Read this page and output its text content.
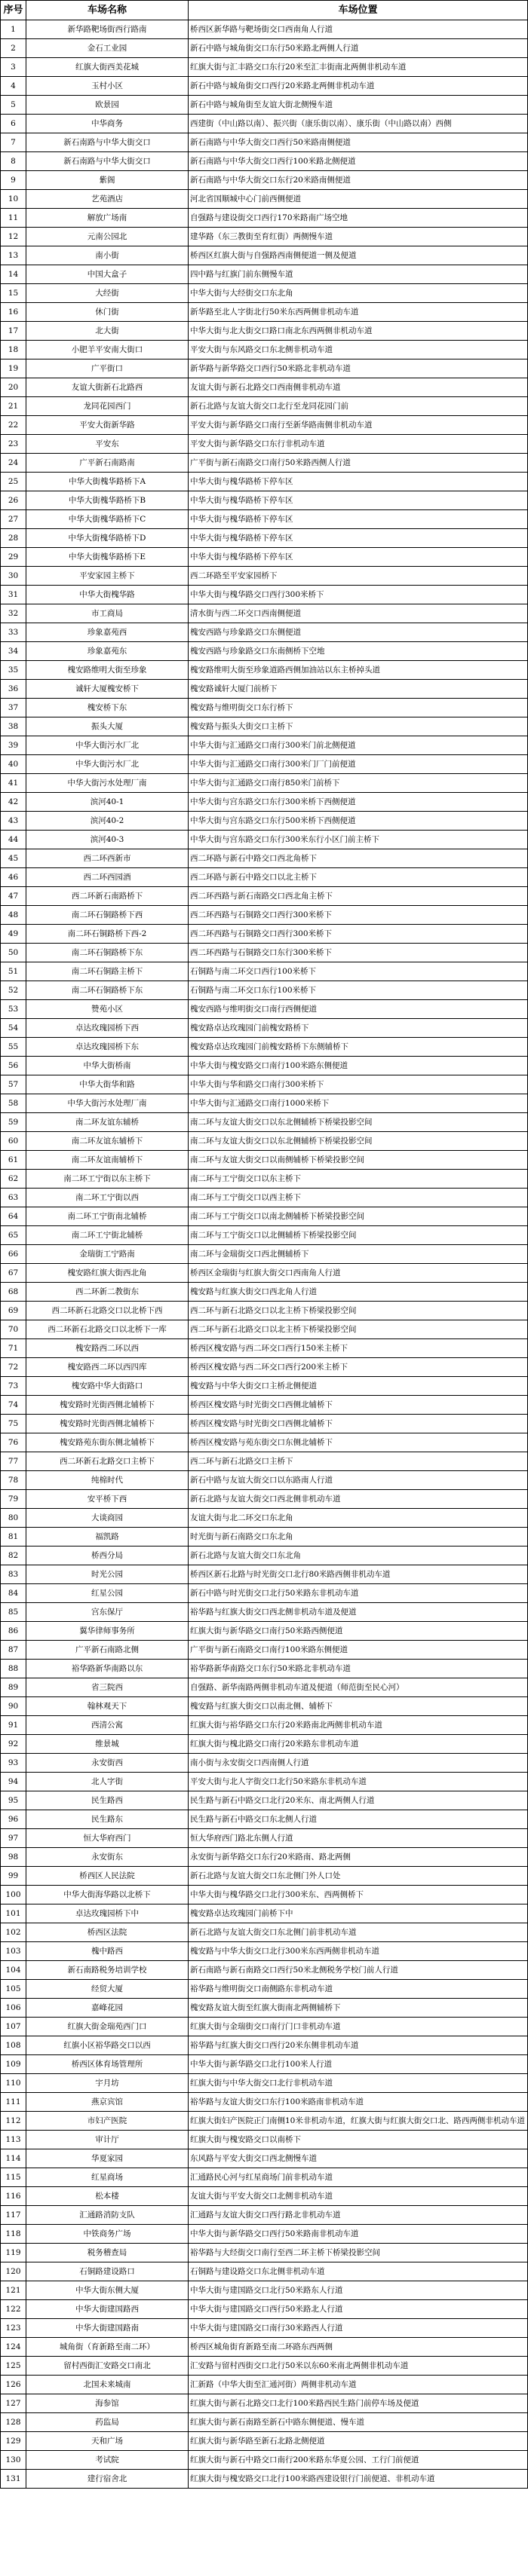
序号	车场名称	车场位置
1	新华路靶场街西行路南	桥西区新华路与靶场街交口西南角人行道
2	金石工业园	新石中路与城角街交口东行50米路北两侧人行道
3	红旗大街西美花城	红旗大街与汇丰路交口东行20米至汇丰街南北两侧非机动车道
4	玉村小区	新石中路与城角街交口西行20米路北两侧非机动车道
5	欧景园	新石中路与城角街至友谊大街北侧慢车道
6	中华商务	西建街（中山路以南）、振兴街（康乐街以南）、康乐街（中山路以南）西侧
7	新石南路与中华大街交口	新石南路与中华大街交口西行50米路南侧便道
8	新石南路与中华大街交口	新石南路与中华大街交口西行100米路北侧便道
9	紫阁	新石南路与中华大街交口东行20米路南侧便道
10	艺苑酒店	河北省国顺城中心门前西侧便道
11	解放广场南	自强路与建设街交口西行170米路南广场空地
12	元南公园北	建华路（东三教街至育红街）两侧慢车道
13	南小街	桥西区红旗大街与自强路西南侧便道一侧及便道
14	中国大盒子	四中路与红旗门前东侧慢车道
15	大经街	中华大街与大经街交口东北角
16	休门街	新华路至北人字街北行50米东西两侧非机动车道
17	北大街	中华大街与北大街交口路口南北东西两侧非机动车道
18	小肥羊平安南大街口	平安大街与东风路交口东北侧非机动车道
19	广平街口	新华路与新华路交口西行50米路北非机动车道
20	友谊大街新石北路西	友谊大街与新石北路交口西南侧非机动车道
21	龙同花园西门	新石北路与友谊大街交口北行至龙同花园门前
22	平安大街新华路	平安大街与新华路交口南行至新华路南侧非机动车道
23	平安东	平安大街与新华路交口东行非机动车道
24	广平新石南路南	广平街与新石南路交口南行50米路西侧人行道
25	中华大街槐华路桥下A	中华大街与槐华路桥下停车区
26	中华大街槐华路桥下B	中华大街与槐华路桥下停车区
27	中华大街槐华路桥下C	中华大街与槐华路桥下停车区
28	中华大街槐华路桥下D	中华大街与槐华路桥下停车区
29	中华大街槐华路桥下E	中华大街与槐华路桥下停车区
30	平安家园主桥下	西二环路至平安家园桥下
31	中华大街槐华路	中华大街与槐华路交口西行300米桥下
32	市工商局	清水街与西二环交口西南侧便道
33	珍象嘉苑西	槐安西路与珍象路交口东侧便道
34	珍象嘉苑东	槐安西路与珍象路交口东南侧桥下空地
35	槐安路维明大街至珍象	槐安路维明大街至珍象道路西侧加油站以东主桥掉头道
36	诚轩大厦槐安桥下	槐安路诚轩大厦门前桥下
37	槐安桥下东	槐安路与维明街交口东行桥下
38	振头大厦	槐安路与振头大街交口主桥下
39	中华大街污水厂北	中华大街与汇通路交口南行300米门前北侧便道
40	中华大街污水厂北	中华大街与汇通路交口南行300米门厂门前便道
41	中华大街污水处理厂南	中华大街与汇通路交口南行850米门前桥下
42	滨河40-1	中华大街与宫东路交口东行300米桥下西侧便道
43	滨河40-2	中华大街与宫东路交口东行500米桥下西侧便道
44	滨河40-3	中华大街与宫东路交口东行300米东行小区门前主桥下
45	西二环西新市	西二环路与新石中路交口西北角桥下
46	西二环西园酒	西二环路与新石中路交口以北主桥下
47	西二环新石南路桥下	西二环西路与新石南路交口西北角主桥下
48	南二环石铜路桥下西	西二环西路与石铜路交口西行300米桥下
49	南二环石铜路桥下西-2	西二环西路与石铜路交口西行300米桥下
50	南二环石铜路桥下东	西二环西路与石铜路交口东行300米桥下
51	南二环石铜路主桥下	石铜路与南二环交口西行100米桥下
52	南二环石铜路桥下东	石铜路与南二环交口东行100米桥下
53	赞苑小区	槐安西路与维明街交口南行西侧便道
54	卓达玫瑰园桥下西	槐安路卓达玫瑰园门前槐安路桥下
55	卓达玫瑰园桥下东	槐安路卓达玫瑰园门前槐安路桥下东侧辅桥下
56	中华大街桥南	中华大街与槐安路交口南行100米路东侧便道
57	中华大街华和路	中华大街与华和路交口南行300米桥下
58	中华大街污水处理厂南	中华大街与汇通路交口南行1000米桥下
59	南二环友谊东辅桥	南二环与友谊大街交口以东北侧辅桥下桥梁投影空间
60	南二环友谊东辅桥下	南二环与友谊大街交口以东北侧辅桥下桥梁投影空间
61	南二环友谊南辅桥下	南二环与友谊大街交口以南侧辅桥下桥梁投影空间
62	南二环工宁街以东主桥下	南二环与工宁街交口以东主桥下
63	南二环工宁街以西	南二环与工宁街交口以西主桥下
64	南二环工宁街南北辅桥	南二环与工宁街交口以南北侧辅桥下桥梁投影空间
65	南二环工宁街北辅桥	南二环与工宁街交口以北侧辅桥下桥梁投影空间
66	金瑞街工宁路南	南二环与金瑞街交口西北侧辅桥下
67	槐安路红旗大街西北角	桥西区金瑞街与红旗大街交口西南角人行道
68	西二环新二教街东	槐安路与红旗大街交口西北角人行道
69	西二环新石北路交口以北桥下西	西二环与新石北路交口以北主桥下桥梁投影空间
70	西二环新石北路交口以北桥下一库	西二环与新石北路交口以北主桥下桥梁投影空间
71	槐安路西二环以西	桥西区槐安路与西二环交口西行150米主桥下
72	槐安路西二环以西四库	桥西区槐安路与西二环交口西行200米主桥下
73	槐安路中华大街路口	槐安路与中华大街交口主桥北侧便道
74	槐安路时光街西侧北辅桥下	桥西区槐安路与时光街交口西侧北辅桥下
75	槐安路时光街西侧北辅桥下	桥西区槐安路与时光街交口西侧北辅桥下
76	槐安路苑东街东侧北辅桥下	桥西区槐安路与苑东街交口东侧北辅桥下
77	西二环新石北路交口主桥下	西二环与新石北路交口主桥下
78	纯棉时代	新石中路与友谊大街交口以东路南人行道
79	安平桥下西	新石北路与友谊大街交口西北侧非机动车道
80	大谈商园	友谊大街与北二环交口东北角
81	福凯路	时光街与新石南路交口东北角
82	桥西分局	新石北路与友谊大街交口东北角
83	时光公园	桥西区新石北路与时光街交口北行80米路西侧非机动车道
84	红星公园	新石中路与时光街交口北行50米路东非机动车道
85	宫东保厅	裕华路与红旗大街交口西北侧非机动车道及便道
86	翼华律师事务所	红旗大街与新华路交口南行50米路西侧便道
87	广平新石南路北侧	广平街与新石南路交口南行100米路东侧便道
88	裕华路新华南路以东	裕华路新华南路交口东行50米路北非机动车道
89	省三院西	自强路、新华南路两侧非机动车道及便道（师范街至民心河）
90	翰林观天下	槐安路与红旗大街交口以南北侧、辅桥下
91	西清公寓	红旗大街与裕华路交口东行20米路南北两侧非机动车道
92	维景城	红旗大街与槐北路交口南行20米路东非机动车道
93	永安街西	南小街与永安街交口西南侧人行道
94	北人字街	平安大街与北人字街交口北行50米路东非机动车道
95	民生路西	民生路与新石中路交口北行20米东、南北两侧人行道
96	民生路东	民生路与新石中路交口东北侧人行道
97	恒大华府西门	恒大华府西门路北东侧人行道
98	永安街东	永安街与新华路交口东行20米路南、路北两侧
99	桥西区人民法院	新石北路与友谊大街交口东北侧门外人口处
100	中华大街海华路以北桥下	中华大街与槐华路交口北行300米东、西两侧桥下
101	卓达玫瑰园桥下中	槐安路卓达玫瑰园门前桥下中
102	桥西区法院	新石北路与友谊大街交口东北侧门前非机动车道
103	槐中路西	槐安路与中华大街交口北行300米东西两侧非机动车道
104	新石南路税务培训学校	新石南路与新石南路交口西行50米北侧税务学校门前人行道
105	经贸大厦	裕华路与维明街交口南侧路东非机动车道
106	嘉峰花园	槐安路友谊大街至红旗大街南北两侧辅桥下
107	红旗大街金瑞苑西门口	红旗大街与金瑞街交口南行门口非机动车道
108	红旗小区裕华路交口以西	裕华路与红旗大街交口西行20米东侧非机动车道
109	桥西区体育场管理所	中华大街与新华路交口北行100米人行道
110	宇月坊	红旗大街与中华大街交口北行非机动车道
111	燕京宾馆	裕华路与友谊大街交口东行100米路南非机动车道
112	市妇产医院	红旗大街妇产医院正门南侧10米非机动车道，红旗大街与红旗大街交口北、路西两侧非机动车道
113	审计厅	红旗大街与槐安路交口以南桥下
114	华夏家园	东风路与平安大街交口西北侧慢车道
115	红星商场	汇通路民心河与红星商场门前非机动车道
116	松本楼	友谊大街与平安大街交口北侧非机动车道
117	汇通路消防支队	汇通路与友谊大街交口西行路北非机动车道
118	中铁商务广场	中华大街与新华路交口西行50米路南非机动车道
119	税务稽查局	裕华路与大经街交口南行至西二环主桥下桥梁投影空间
120	石铜路建设路口	石铜路与建设路交口东北侧非机动车道
121	中华大街东侧大厦	中华大街与建国路交口北行50米路东人行道
122	中华大街建国路西	中华大街与建国路交口西行50米路北人行道
123	中华大街建国路南	中华大街与建国路交口南行30米路西人行道
124	城角街（育新路至南二环）	桥西区城角街育新路至南二环路东西两侧
125	留村西街汇安路交口南北	汇安路与留村西街交口北行50米以东60米南北两侧非机动车道
126	北国未来城南	汇新路（中华大街至汇通河街）两侧非机动车道
127	海参馆	红旗大街与新石北路交口北行100米路西民生路门前停车场及便道
128	药监局	红旗大街与新石南路至新石中路东侧便道、慢车道
129	天和广场	红旗大街与新华路至新石北路北侧便道
130	考试院	红旗大街与新石中路交口南行200米路东华夏公园、工行门前便道
131	建行宿舍北	红旗大街与槐安路交口北行100米路西建设银行门前便道、非机动车道
